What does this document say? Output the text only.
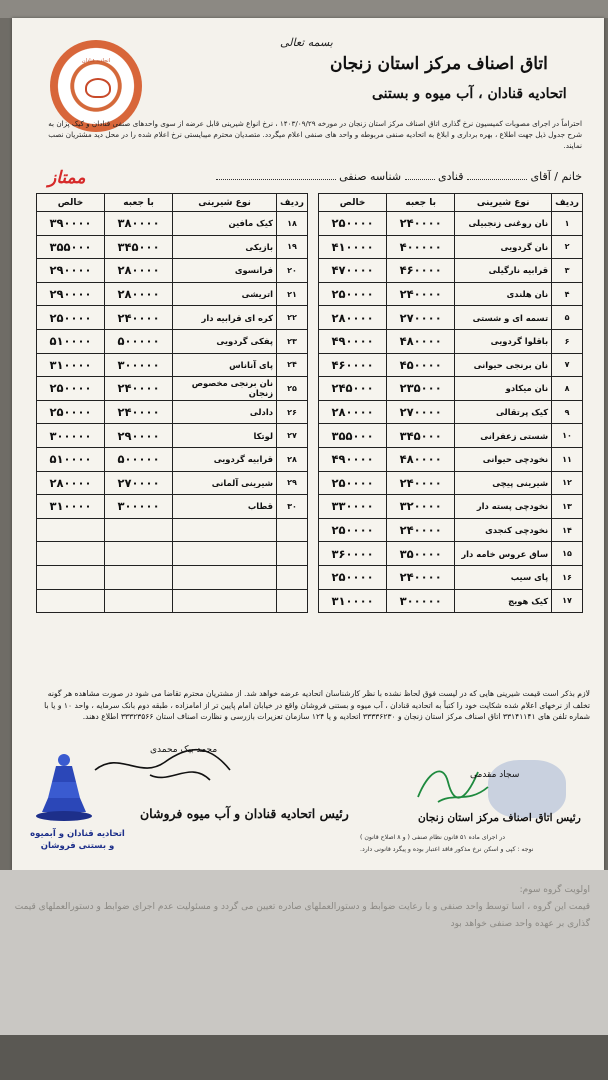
اتحادیه قنادان
بسمه تعالی
اتاق اصناف مرکز استان زنجان
اتحادیه قنادان ، آب میوه و بستنی
احتراماً در اجرای مصوبات کمیسیون نرخ گذاری اتاق اصناف مرکز استان زنجان در مورخه ۱۴۰۳/۰۹/۲۹ ، نرخ انواع شیرینی قابل عرضه از سوی واحدهای صنفی قنادان و کیک پزان به شرح جدول ذیل جهت اطلاع ، بهره برداری و ابلاغ به اتحادیه صنفی مربوطه و واحد های صنفی اعلام میگردد. متصدیان محترم میبایستی نرخ اعلام شده را در محل دید مشتریان نصب نمایند.
خانم / آقای  قنادی  شناسه صنفی
ممتاز
ردیف	نوع شیرینی	با جعبه	خالص
۱	نان روغنی زنجبیلی	۲۴۰۰۰۰	۲۵۰۰۰۰
۲	نان گردویی	۴۰۰۰۰۰	۴۱۰۰۰۰
۳	قرابیه نارگیلی	۴۶۰۰۰۰	۴۷۰۰۰۰
۴	نان هلندی	۲۴۰۰۰۰	۲۵۰۰۰۰
۵	تسمه ای و شستی	۲۷۰۰۰۰	۲۸۰۰۰۰
۶	باقلوا گردویی	۴۸۰۰۰۰	۴۹۰۰۰۰
۷	نان برنجی حیوانی	۴۵۰۰۰۰	۴۶۰۰۰۰
۸	نان میکادو	۲۳۵۰۰۰	۲۴۵۰۰۰
۹	کیک پرتقالی	۲۷۰۰۰۰	۲۸۰۰۰۰
۱۰	شستی زعفرانی	۳۴۵۰۰۰	۳۵۵۰۰۰
۱۱	نخودچی حیوانی	۴۸۰۰۰۰	۴۹۰۰۰۰
۱۲	شیرینی پیچی	۲۴۰۰۰۰	۲۵۰۰۰۰
۱۳	نخودچی پسته دار	۳۲۰۰۰۰	۳۳۰۰۰۰
۱۴	نخودچی کنجدی	۲۴۰۰۰۰	۲۵۰۰۰۰
۱۵	ساق عروس خامه دار	۳۵۰۰۰۰	۳۶۰۰۰۰
۱۶	پای سیب	۲۴۰۰۰۰	۲۵۰۰۰۰
۱۷	کیک هویج	۳۰۰۰۰۰	۳۱۰۰۰۰
ردیف	نوع شیرینی	با جعبه	خالص
۱۸	کیک مافین	۳۸۰۰۰۰	۳۹۰۰۰۰
۱۹	بازیکی	۳۴۵۰۰۰	۳۵۵۰۰۰
۲۰	فرانسوی	۲۸۰۰۰۰	۲۹۰۰۰۰
۲۱	اتریشی	۲۸۰۰۰۰	۲۹۰۰۰۰
۲۲	کره ای قرابیه دار	۲۴۰۰۰۰	۲۵۰۰۰۰
۲۳	پفکی گردویی	۵۰۰۰۰۰	۵۱۰۰۰۰
۲۴	پای آناناس	۳۰۰۰۰۰	۳۱۰۰۰۰
۲۵	نان برنجی مخصوص زنجان	۲۴۰۰۰۰	۲۵۰۰۰۰
۲۶	دادلی	۲۴۰۰۰۰	۲۵۰۰۰۰
۲۷	لوتکا	۲۹۰۰۰۰	۳۰۰۰۰۰
۲۸	قرابیه گردویی	۵۰۰۰۰۰	۵۱۰۰۰۰
۲۹	شیرینی آلمانی	۲۷۰۰۰۰	۲۸۰۰۰۰
۳۰	قطاب	۳۰۰۰۰۰	۳۱۰۰۰۰

لازم بذکر است قیمت شیرینی هایی که در لیست فوق لحاظ نشده با نظر کارشناسان اتحادیه عرضه خواهد شد. از مشتریان محترم تقاضا می شود در صورت مشاهده هر گونه تخلف از نرخهای اعلام شده شکایت خود را کتباً به اتحادیه قنادان ، آب میوه و بستنی فروشان واقع در خیابان امام پایین تر از امامزاده ، طبقه دوم بانک سرمایه ، واحد ۱۰ و یا با شماره تلفن های ۳۳۱۴۱۱۴۱ اتاق اصناف مرکز استان زنجان و ۳۳۳۳۶۲۳۰ اتحادیه و یا ۱۲۴ سازمان تعزیرات بازرسی و نظارت اصناف استان ۳۳۳۲۳۵۶۶ اطلاع دهند.
اتحادیه قنادان و آبمیوه و بستنی فروشان
محمد بیک محمدی
رئیس اتحادیه قنادان و آب میوه فروشان
سجاد مقدمی
رئیس اتاق اصناف مرکز استان زنجان
در اجرای ماده ۵۱ قانون نظام صنفی ( و ۸ اصلاح قانون )
نوجه : کپی و اسکن نرخ مذکور فاقد اعتبار بوده و پیگرد قانونی دارد.
اولویت گروه سوم:
قیمت این گروه ، اسا توسط واحد صنفی و با رعایت ضوابط و دستورالعملهای صادره تعیین می گردد و مسئولیت عدم اجرای ضوابط و دستورالعملهای قیمت
گذاری بر عهده واحد صنفی خواهد بود
